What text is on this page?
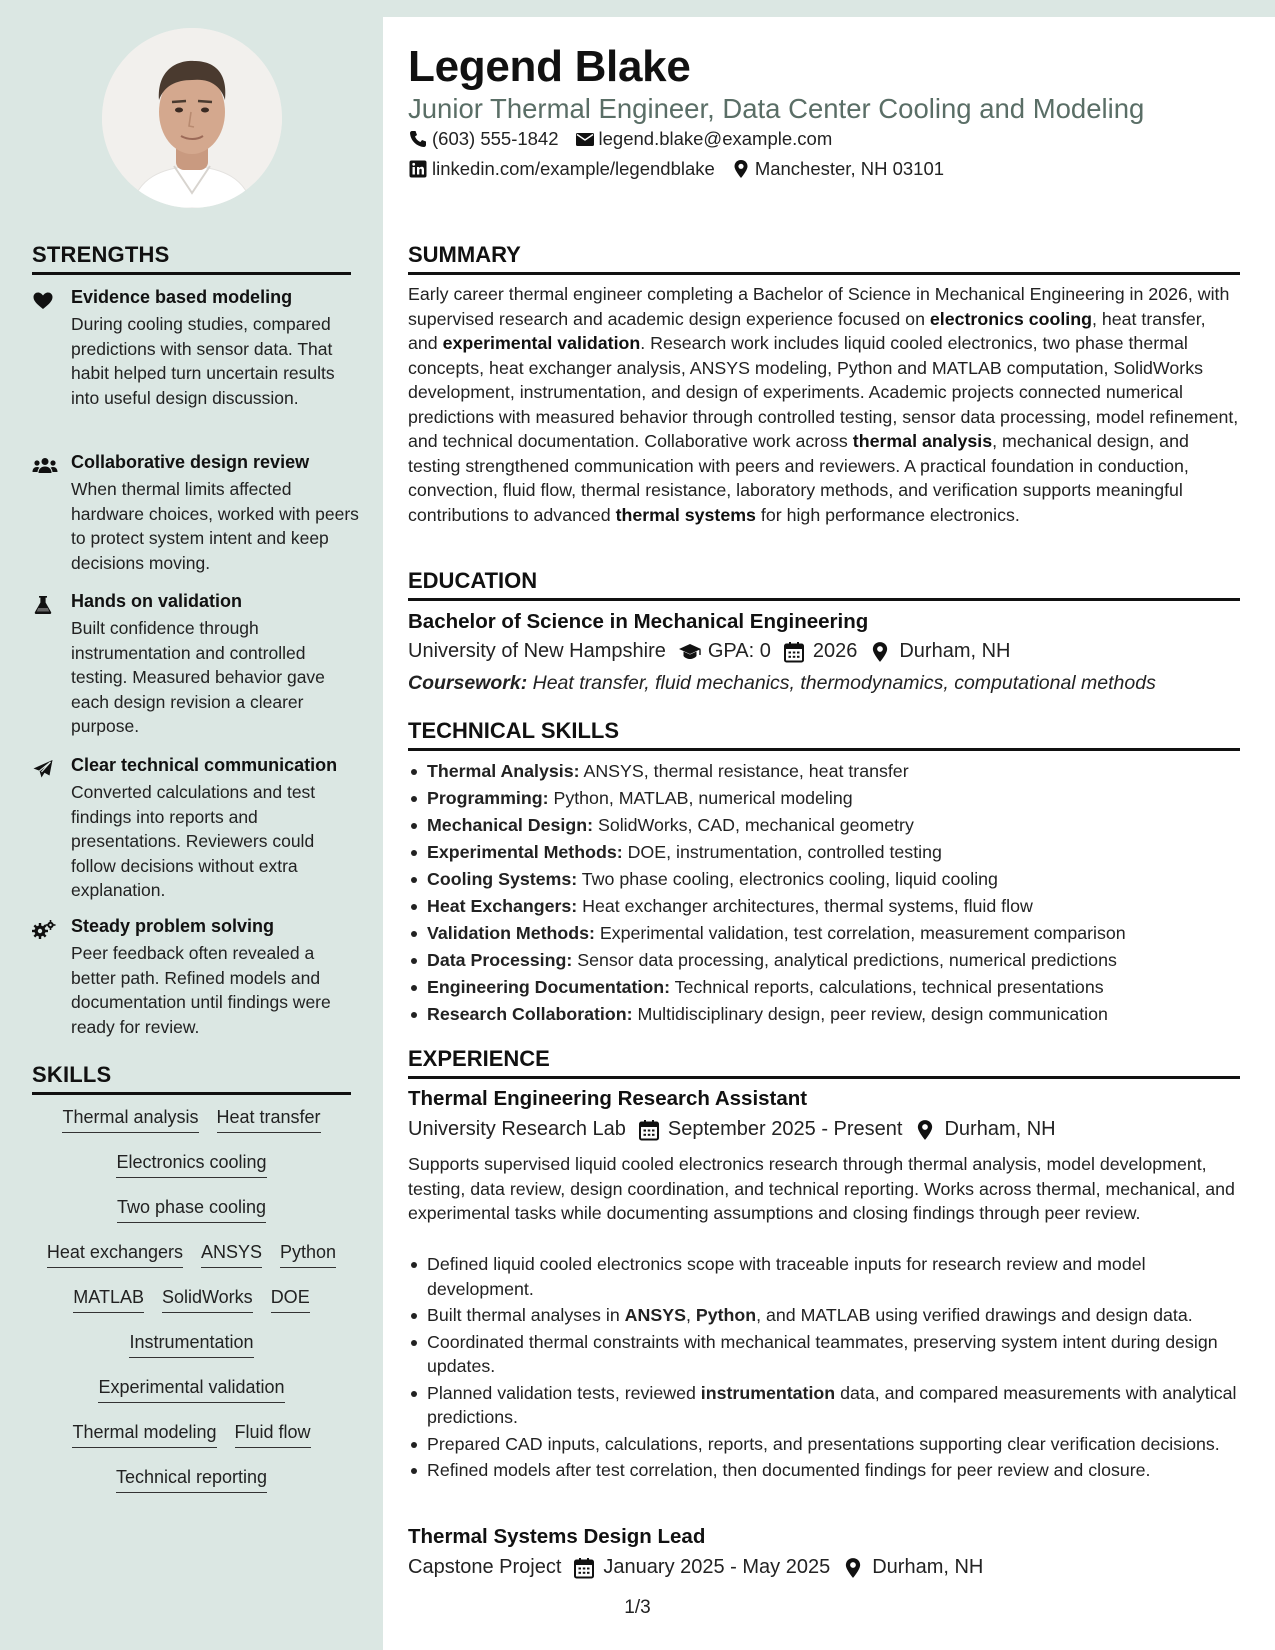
Legend Blake
Junior Thermal Engineer, Data Center Cooling and Modeling
(603) 555-1842 legend.blake@example.com
linkedin.com/example/legendblake Manchester, NH 03101
STRENGTHS
Evidence based modeling
During cooling studies, compared predictions with sensor data. That habit helped turn uncertain results into useful design discussion.
Collaborative design review
When thermal limits affected hardware choices, worked with peers to protect system intent and keep decisions moving.
Hands on validation
Built confidence through instrumentation and controlled testing. Measured behavior gave each design revision a clearer purpose.
Clear technical communication
Converted calculations and test findings into reports and presentations. Reviewers could follow decisions without extra explanation.
Steady problem solving
Peer feedback often revealed a better path. Refined models and documentation until findings were ready for review.
SKILLS
Thermal analysis Heat transfer
Electronics cooling
Two phase cooling
Heat exchangers ANSYS Python
MATLAB SolidWorks DOE
Instrumentation
Experimental validation
Thermal modeling Fluid flow
Technical reporting
SUMMARY
Early career thermal engineer completing a Bachelor of Science in Mechanical Engineering in 2026, with supervised research and academic design experience focused on electronics cooling, heat transfer, and experimental validation. Research work includes liquid cooled electronics, two phase thermal concepts, heat exchanger analysis, ANSYS modeling, Python and MATLAB computation, SolidWorks development, instrumentation, and design of experiments. Academic projects connected numerical predictions with measured behavior through controlled testing, sensor data processing, model refinement, and technical documentation. Collaborative work across thermal analysis, mechanical design, and testing strengthened communication with peers and reviewers. A practical foundation in conduction, convection, fluid flow, thermal resistance, laboratory methods, and verification supports meaningful contributions to advanced thermal systems for high performance electronics.
EDUCATION
Bachelor of Science in Mechanical Engineering
University of New Hampshire GPA: 0 2026 Durham, NH
Coursework: Heat transfer, fluid mechanics, thermodynamics, computational methods
TECHNICAL SKILLS
Thermal Analysis: ANSYS, thermal resistance, heat transfer
Programming: Python, MATLAB, numerical modeling
Mechanical Design: SolidWorks, CAD, mechanical geometry
Experimental Methods: DOE, instrumentation, controlled testing
Cooling Systems: Two phase cooling, electronics cooling, liquid cooling
Heat Exchangers: Heat exchanger architectures, thermal systems, fluid flow
Validation Methods: Experimental validation, test correlation, measurement comparison
Data Processing: Sensor data processing, analytical predictions, numerical predictions
Engineering Documentation: Technical reports, calculations, technical presentations
Research Collaboration: Multidisciplinary design, peer review, design communication
EXPERIENCE
Thermal Engineering Research Assistant
University Research Lab September 2025 - Present Durham, NH
Supports supervised liquid cooled electronics research through thermal analysis, model development, testing, data review, design coordination, and technical reporting. Works across thermal, mechanical, and experimental tasks while documenting assumptions and closing findings through peer review.
Defined liquid cooled electronics scope with traceable inputs for research review and model development.
Built thermal analyses in ANSYS, Python, and MATLAB using verified drawings and design data.
Coordinated thermal constraints with mechanical teammates, preserving system intent during design updates.
Planned validation tests, reviewed instrumentation data, and compared measurements with analytical predictions.
Prepared CAD inputs, calculations, reports, and presentations supporting clear verification decisions.
Refined models after test correlation, then documented findings for peer review and closure.
Thermal Systems Design Lead
Capstone Project January 2025 - May 2025 Durham, NH
1/3
